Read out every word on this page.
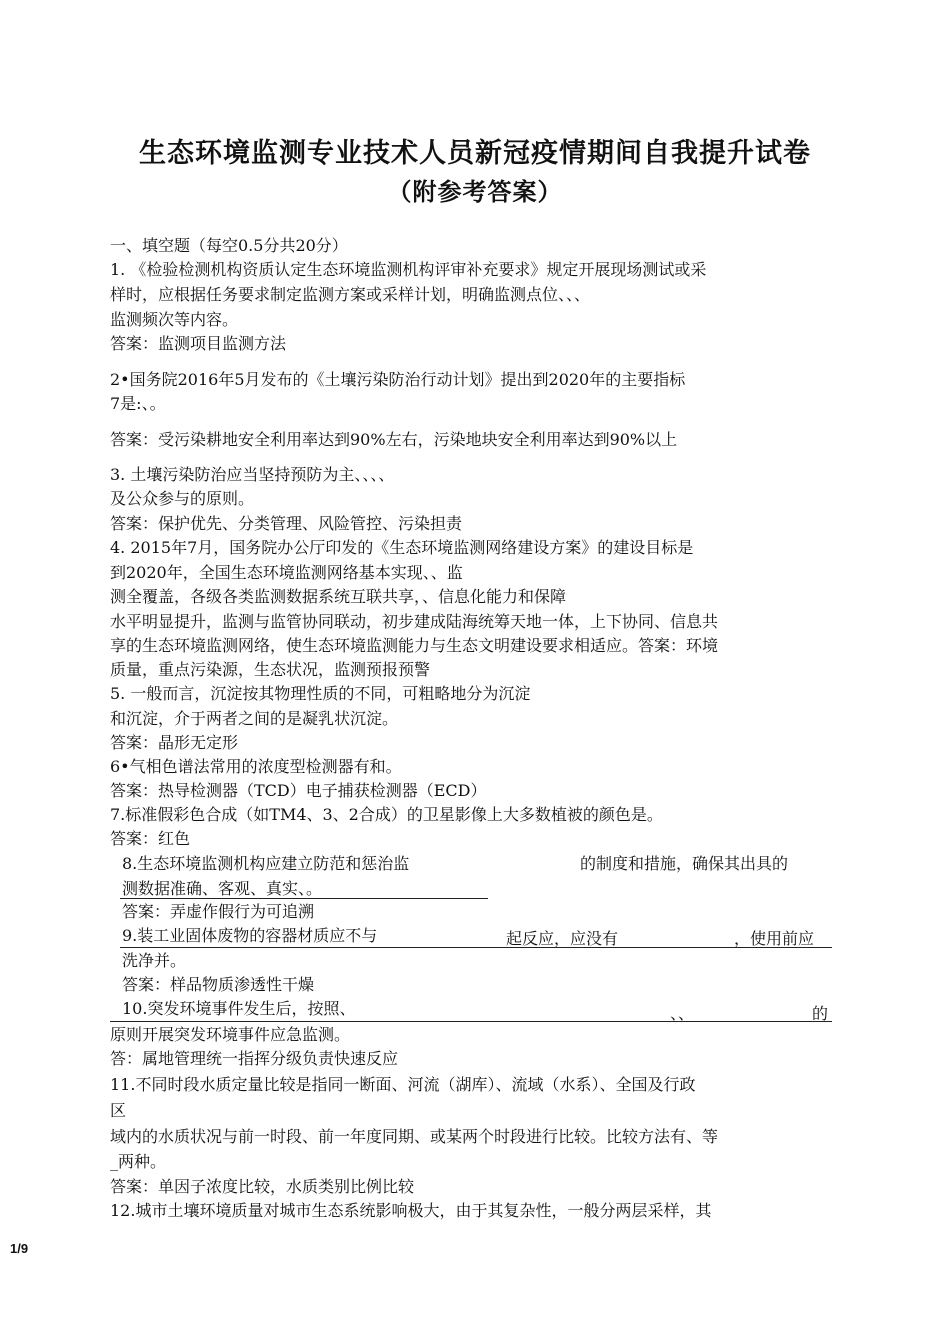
生态环境监测专业技术人员新冠疫情期间自我提升试卷
（附参考答案）

一、填空题（每空0.5分共20分）

1. 《检验检测机构资质认定生态环境监测机构评审补充要求》规定开展现场测试或采

样时，应根据任务要求制定监测方案或采样计划，明确监测点位、、、

监测频次等内容。

答案：监测项目监测方法

2•国务院2016年5月发布的《土壤污染防治行动计划》提出到2020年的主要指标

7是:、。

答案：受污染耕地安全利用率达到90%左右，污染地块安全利用率达到90%以上

3. 土壤污染防治应当坚持预防为主、、、、

及公众参与的原则。

答案：保护优先、分类管理、风险管控、污染担责

4. 2015年7月，国务院办公厅印发的《生态环境监测网络建设方案》的建设目标是

到2020年，全国生态环境监测网络基本实现、、监

测全覆盖，各级各类监测数据系统互联共享，、信息化能力和保障

水平明显提升，监测与监管协同联动，初步建成陆海统筹天地一体，上下协同、信息共

享的生态环境监测网络，使生态环境监测能力与生态文明建设要求相适应。答案：环境

质量，重点污染源，生态状况，监测预报预警

5. 一般而言，沉淀按其物理性质的不同，可粗略地分为沉淀

和沉淀，介于两者之间的是凝乳状沉淀。

答案：晶形无定形

6•气相色谱法常用的浓度型检测器有和。

答案：热导检测器（TCD）电子捕获检测器（ECD）

7.标准假彩色合成（如TM4、3、2合成）的卫星影像上大多数植被的颜色是。

答案：红色

8.生态环境监测机构应建立防范和惩治监	的制度和措施，确保其出具的

测数据准确、客观、真实、。

答案：弄虚作假行为可追溯

9.装工业固体废物的容器材质应不与	起反应，应没有	，使用前应

洗净并。

答案：样品物质渗透性干燥

10.突发环境事件发生后，按照、	、、	的

原则开展突发环境事件应急监测。

答：属地管理统一指挥分级负责快速反应

11.不同时段水质定量比较是指同一断面、河流（湖库）、流域（水系）、全国及行政

区

域内的水质状况与前一时段、前一年度同期、或某两个时段进行比较。比较方法有、等

_两种。

答案：单因子浓度比较，水质类别比例比较

12.城市土壤环境质量对城市生态系统影响极大，由于其复杂性，一般分两层采样，其

1/9
